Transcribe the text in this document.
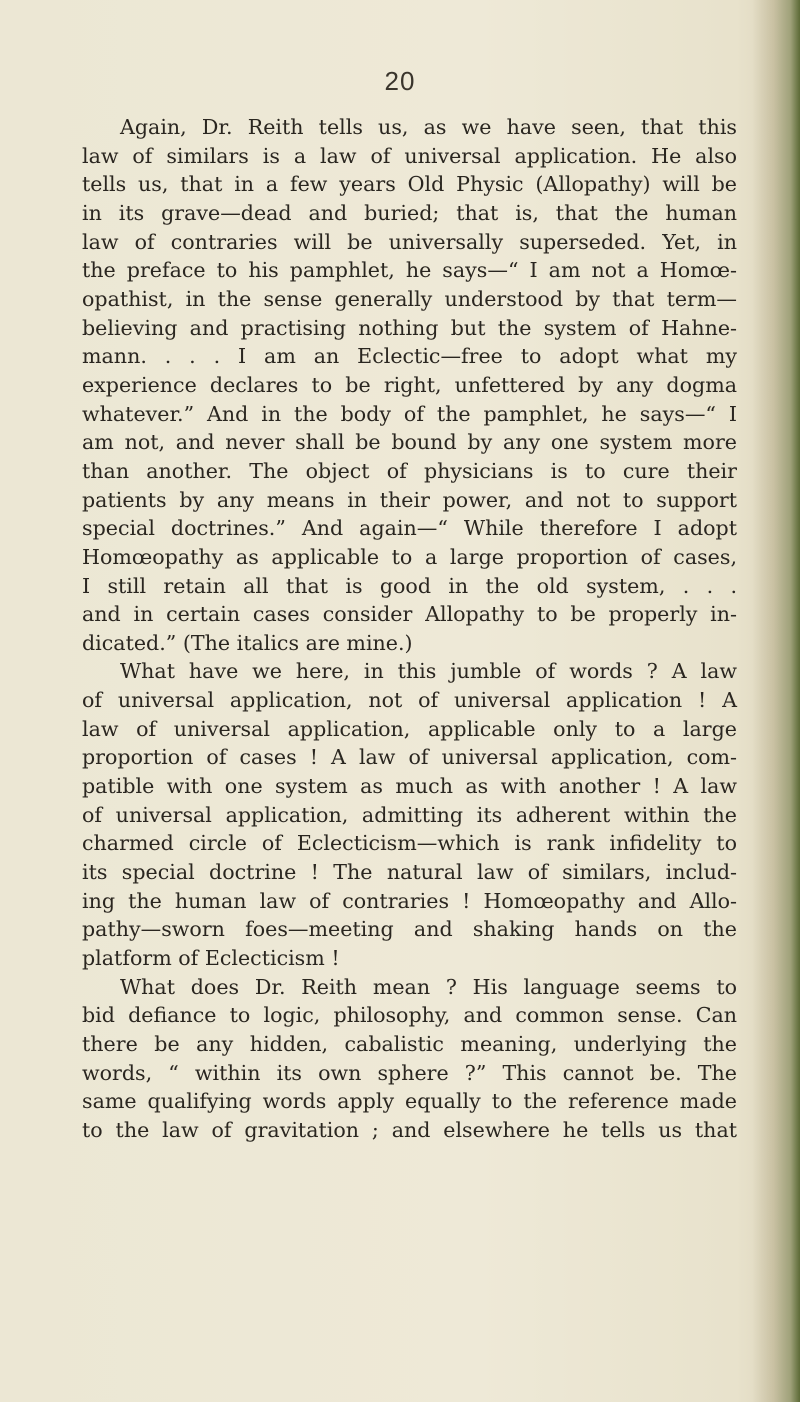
20
Again, Dr. Reith tells us, as we have seen, that this
law of similars is a law of universal application. He also
tells us, that in a few years Old Physic (Allopathy) will be
in its grave—dead and buried; that is, that the human
law of contraries will be universally superseded. Yet, in
the preface to his pamphlet, he says—“ I am not a Homœ-
opathist, in the sense generally understood by that term—
believing and practising nothing but the system of Hahne-
mann. . . . I am an Eclectic—free to adopt what my
experience declares to be right, unfettered by any dogma
whatever.” And in the body of the pamphlet, he says—“ I
am not, and never shall be bound by any one system more
than another. The object of physicians is to cure their
patients by any means in their power, and not to support
special doctrines.” And again—“ While therefore I adopt
Homœopathy as applicable to a large proportion of cases,
I still retain all that is good in the old system, . . .
and in certain cases consider Allopathy to be properly in-
dicated.” (The italics are mine.)
What have we here, in this jumble of words ? A law
of universal application, not of universal application ! A
law of universal application, applicable only to a large
proportion of cases ! A law of universal application, com-
patible with one system as much as with another ! A law
of universal application, admitting its adherent within the
charmed circle of Eclecticism—which is rank infidelity to
its special doctrine ! The natural law of similars, includ-
ing the human law of contraries ! Homœopathy and Allo-
pathy—sworn foes—meeting and shaking hands on the
platform of Eclecticism !
What does Dr. Reith mean ? His language seems to
bid defiance to logic, philosophy, and common sense. Can
there be any hidden, cabalistic meaning, underlying the
words, “ within its own sphere ?” This cannot be. The
same qualifying words apply equally to the reference made
to the law of gravitation ; and elsewhere he tells us that
